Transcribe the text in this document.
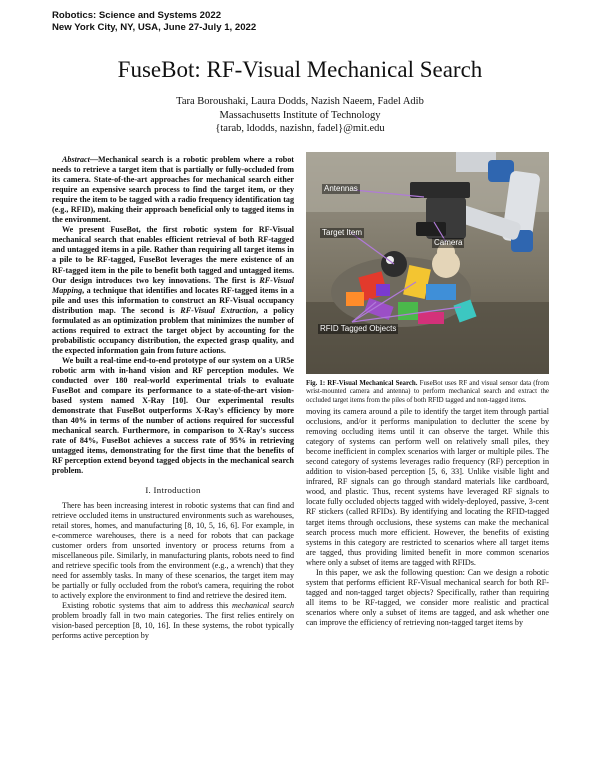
Robotics: Science and Systems 2022
New York City, NY, USA, June 27-July 1, 2022
FuseBot: RF-Visual Mechanical Search
Tara Boroushaki, Laura Dodds, Nazish Naeem, Fadel Adib
Massachusetts Institute of Technology
{tarab, ldodds, nazishn, fadel}@mit.edu

Abstract—Mechanical search is a robotic problem where a robot needs to retrieve a target item that is partially or fully-occluded from its camera. State-of-the-art approaches for mechanical search either require an expensive search process to find the target item, or they require the item to be tagged with a radio frequency identification tag (e.g., RFID), making their approach beneficial only to tagged items in the environment.

We present FuseBot, the first robotic system for RF-Visual mechanical search that enables efficient retrieval of both RF-tagged and untagged items in a pile. Rather than requiring all target items in a pile to be RF-tagged, FuseBot leverages the mere existence of an RF-tagged item in the pile to benefit both tagged and untagged items. Our design introduces two key innovations. The first is RF-Visual Mapping, a technique that identifies and locates RF-tagged items in a pile and uses this information to construct an RF-Visual occupancy distribution map. The second is RF-Visual Extraction, a policy formulated as an optimization problem that minimizes the number of actions required to extract the target object by accounting for the probabilistic occupancy distribution, the expected grasp quality, and the expected information gain from future actions.

We built a real-time end-to-end prototype of our system on a UR5e robotic arm with in-hand vision and RF perception modules. We conducted over 180 real-world experimental trials to evaluate FuseBot and compare its performance to a state-of-the-art vision-based system named X-Ray [10]. Our experimental results demonstrate that FuseBot outperforms X-Ray's efficiency by more than 40% in terms of the number of actions required for successful mechanical search. Furthermore, in comparison to X-Ray's success rate of 84%, FuseBot achieves a success rate of 95% in retrieving untagged items, demonstrating for the first time that the benefits of RF perception extend beyond tagged objects in the mechanical search problem.

I. Introduction

There has been increasing interest in robotic systems that can find and retrieve occluded items in unstructured environments such as warehouses, retail stores, homes, and manufacturing [8, 10, 5, 16, 6]. For example, in e-commerce warehouses, there is a need for robots that can package customer orders from unsorted inventory or process returns from a miscellaneous pile. Similarly, in manufacturing plants, robots need to find and retrieve specific tools from the environment (e.g., a wrench) that they need for assembly tasks. In many of these scenarios, the target item may be partially or fully occluded from the robot's camera, requiring the robot to actively explore the environment to find and retrieve the desired item.

Existing robotic systems that aim to address this mechanical search problem broadly fall in two main categories. The first relies entirely on vision-based perception [8, 10, 16]. In these systems, the robot typically performs active perception by

Antennas
Target Item
Camera
RFID Tagged Objects
Fig. 1: RF-Visual Mechanical Search. FuseBot uses RF and visual sensor data (from wrist-mounted camera and antenna) to perform mechanical search and extract the occluded target items from the piles of both RFID tagged and non-tagged items.

moving its camera around a pile to identify the target item through partial occlusions, and/or it performs manipulation to declutter the scene by removing occluding items until it can observe the target. While this category of systems can perform well on relatively small piles, they become inefficient in complex scenarios with larger or multiple piles. The second category of systems leverages radio frequency (RF) perception in addition to vision-based perception [5, 6, 33]. Unlike visible light and infrared, RF signals can go through standard materials like cardboard, wood, and plastic. Thus, recent systems have leveraged RF signals to locate fully occluded objects tagged with widely-deployed, passive, 3-cent RF stickers (called RFIDs). By identifying and locating the RFID-tagged target items through occlusions, these systems can make the mechanical search process much more efficient. However, the benefits of existing systems in this category are restricted to scenarios where all target items are tagged, thus providing limited benefit in more common scenarios where only a subset of items are tagged with RFIDs.

In this paper, we ask the following question: Can we design a robotic system that performs efficient RF-Visual mechanical search for both RF-tagged and non-tagged target objects? Specifically, rather than requiring all items to be RF-tagged, we consider more realistic and practical scenarios where only a subset of items are tagged, and ask whether one can improve the efficiency of retrieving non-tagged target items by
